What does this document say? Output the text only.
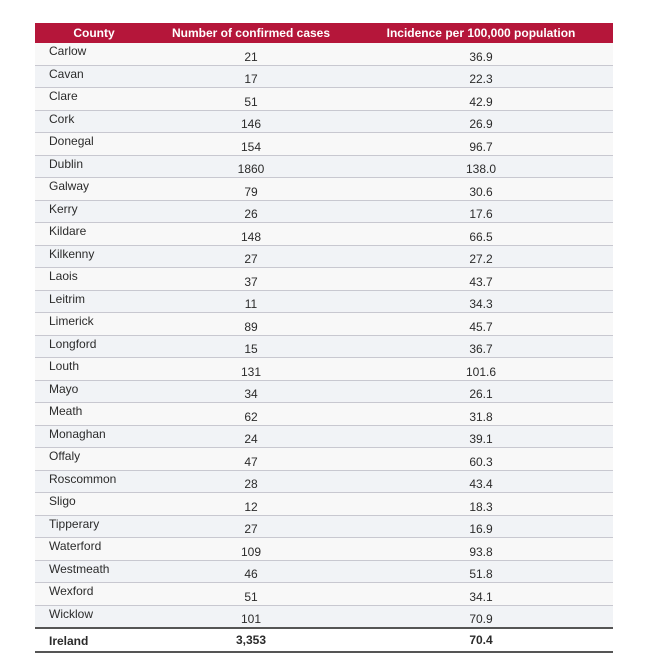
County	Number of confirmed cases	Incidence per 100,000 population
Carlow	21	36.9
Cavan	17	22.3
Clare	51	42.9
Cork	146	26.9
Donegal	154	96.7
Dublin	1860	138.0
Galway	79	30.6
Kerry	26	17.6
Kildare	148	66.5
Kilkenny	27	27.2
Laois	37	43.7
Leitrim	11	34.3
Limerick	89	45.7
Longford	15	36.7
Louth	131	101.6
Mayo	34	26.1
Meath	62	31.8
Monaghan	24	39.1
Offaly	47	60.3
Roscommon	28	43.4
Sligo	12	18.3
Tipperary	27	16.9
Waterford	109	93.8
Westmeath	46	51.8
Wexford	51	34.1
Wicklow	101	70.9
Ireland	3,353	70.4
